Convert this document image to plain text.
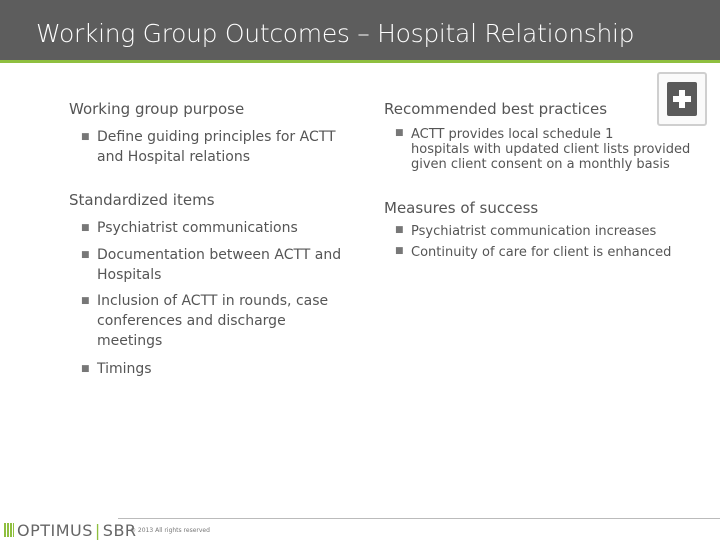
Working Group Outcomes – Hospital Relationship
Working group purpose
■ Define guiding principles for ACTT
and Hospital relations
Standardized items
■ Psychiatrist communications
■ Documentation between ACTT and
Hospitals
■ Inclusion of ACTT in rounds, case
conferences and discharge
meetings
■ Timings
Recommended best practices
■ ACTT provides local schedule 1
hospitals with updated client lists provided
given client consent on a monthly basis
Measures of success
■ Psychiatrist communication increases
■ Continuity of care for client is enhanced
OPTIMUS | SBR
© 2013 All rights reserved
